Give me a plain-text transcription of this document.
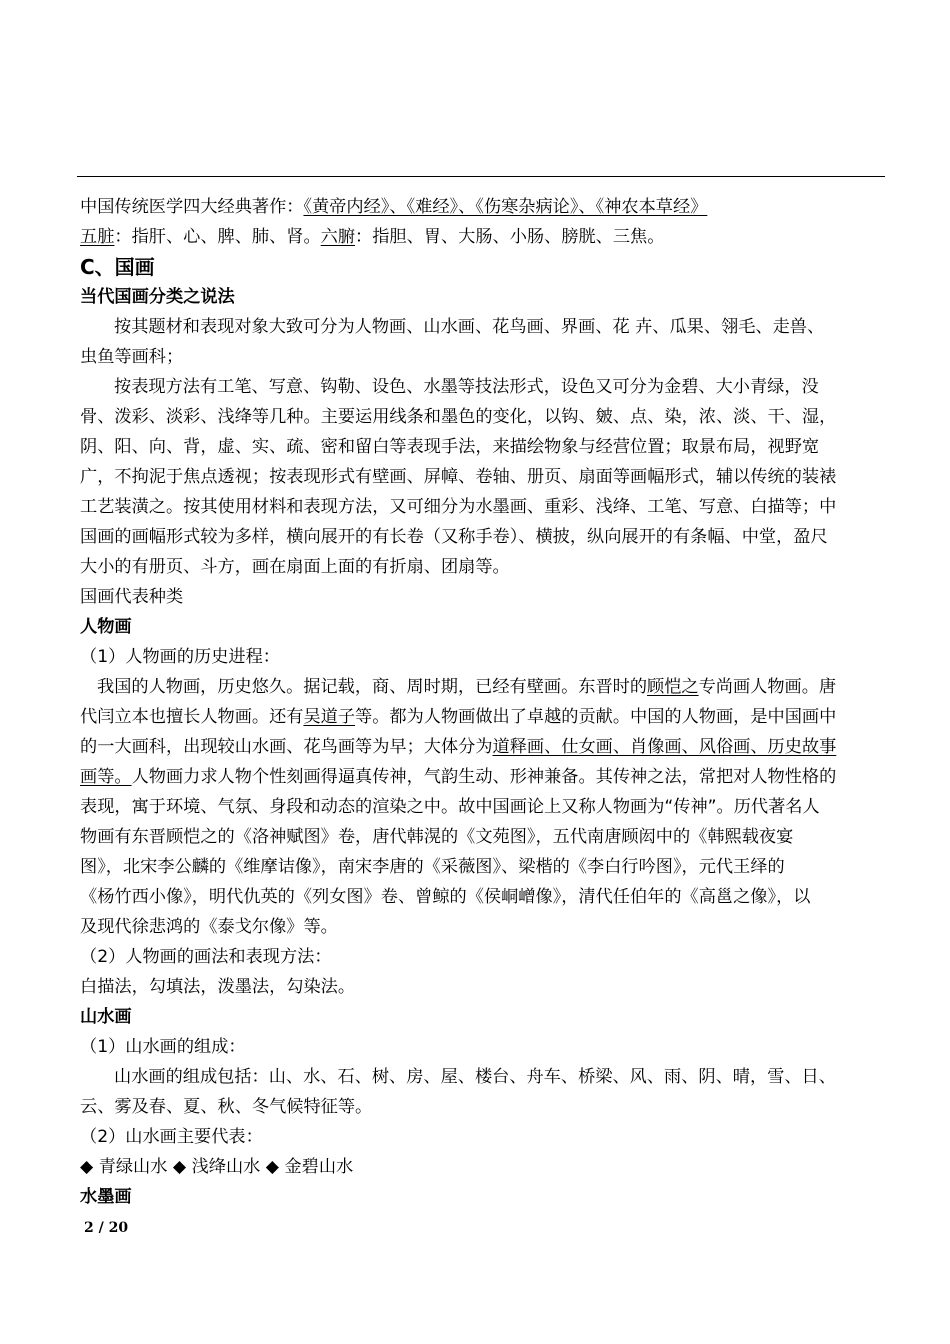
中国传统医学四大经典著作：《黄帝内经》、《难经》、《伤寒杂病论》、《神农本草经》
五脏：指肝、心、脾、肺、肾。六腑：指胆、胃、大肠、小肠、膀胱、三焦。
C、国画
当代国画分类之说法
按其题材和表现对象大致可分为人物画、山水画、花鸟画、界画、花 卉、瓜果、翎毛、走兽、
虫鱼等画科；
按表现方法有工笔、写意、钩勒、设色、水墨等技法形式，设色又可分为金碧、大小青绿，没
骨、泼彩、淡彩、浅绛等几种。主要运用线条和墨色的变化，以钩、皴、点、染，浓、淡、干、湿，
阴、阳、向、背，虚、实、疏、密和留白等表现手法，来描绘物象与经营位置；取景布局，视野宽
广，不拘泥于焦点透视；按表现形式有壁画、屏幛、卷轴、册页、扇面等画幅形式，辅以传统的装裱
工艺装潢之。按其使用材料和表现方法，又可细分为水墨画、重彩、浅绛、工笔、写意、白描等；中
国画的画幅形式较为多样，横向展开的有长卷（又称手卷）、横披，纵向展开的有条幅、中堂，盈尺
大小的有册页、斗方，画在扇面上面的有折扇、团扇等。
国画代表种类
人物画
（1）人物画的历史进程：
我国的人物画，历史悠久。据记载，商、周时期，已经有壁画。东晋时的顾恺之专尚画人物画。唐
代闫立本也擅长人物画。还有吴道子等。都为人物画做出了卓越的贡献。中国的人物画，是中国画中
的一大画科，出现较山水画、花鸟画等为早；大体分为道释画、仕女画、肖像画、风俗画、历史故事
画等。人物画力求人物个性刻画得逼真传神，气韵生动、形神兼备。其传神之法，常把对人物性格的
表现，寓于环境、气氛、身段和动态的渲染之中。故中国画论上又称人物画为“传神”。历代著名人
物画有东晋顾恺之的《洛神赋图》卷，唐代韩滉的《文苑图》，五代南唐顾闳中的《韩熙载夜宴
图》，北宋李公麟的《维摩诘像》，南宋李唐的《采薇图》、梁楷的《李白行吟图》，元代王绎的
《杨竹西小像》，明代仇英的《列女图》卷、曾鲸的《侯峒嶒像》，清代任伯年的《高邕之像》，以
及现代徐悲鸿的《泰戈尔像》等。
（2）人物画的画法和表现方法：
白描法，勾填法，泼墨法，勾染法。
山水画
（1）山水画的组成：
山水画的组成包括：山、水、石、树、房、屋、楼台、舟车、桥梁、风、雨、阴、晴，雪、日、
云、雾及春、夏、秋、冬气候特征等。
（2）山水画主要代表：
◆ 青绿山水 ◆ 浅绛山水 ◆ 金碧山水
水墨画
2 / 20
